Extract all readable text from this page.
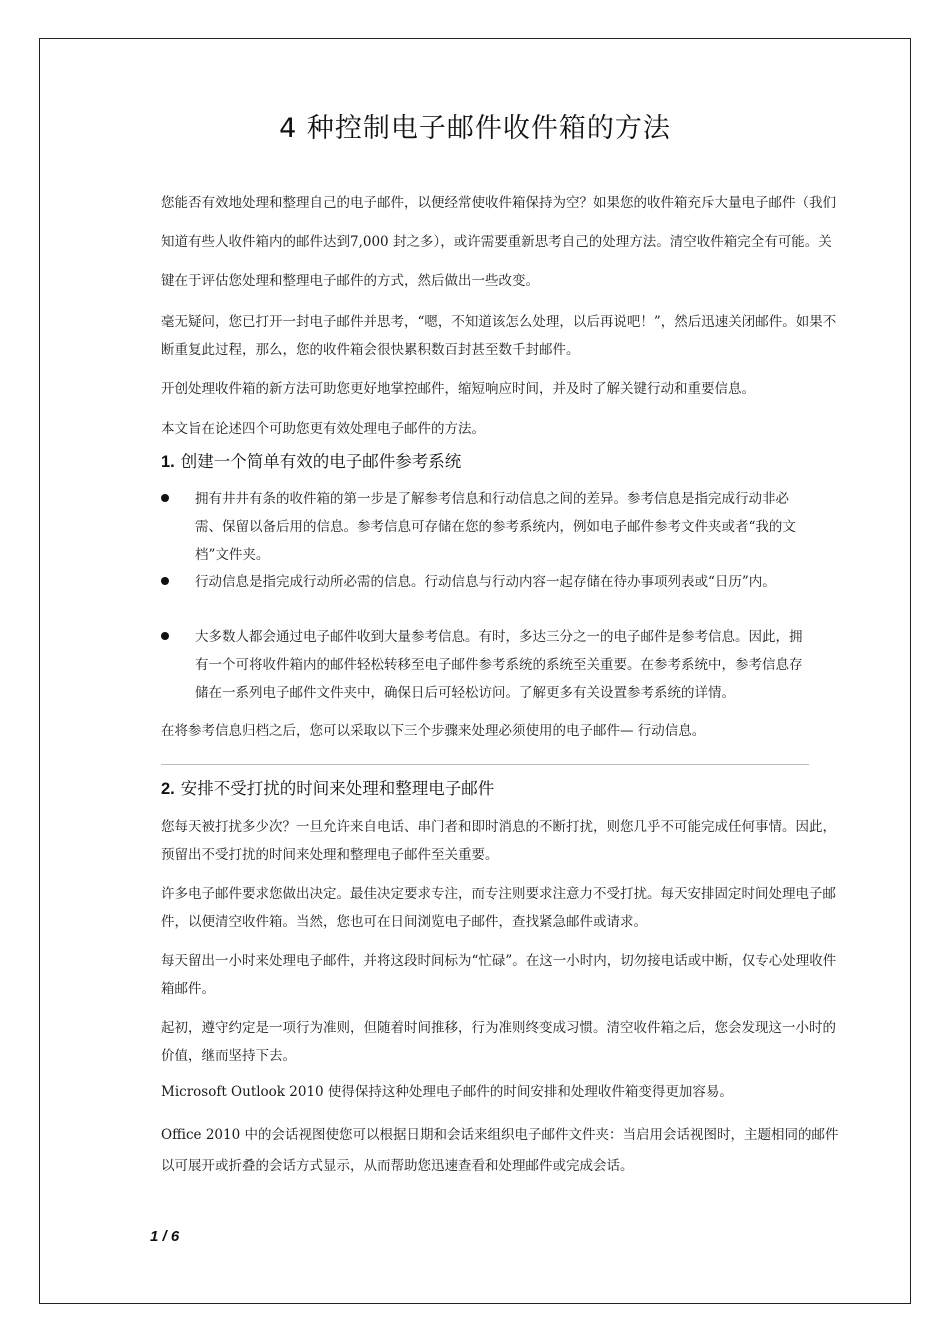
4 种控制电子邮件收件箱的方法

您能否有效地处理和整理自己的电子邮件，以便经常使收件箱保持为空？如果您的收件箱充斥大量电子邮件（我们知道有些人收件箱内的邮件达到7,000 封之多），或许需要重新思考自己的处理方法。清空收件箱完全有可能。关键在于评估您处理和整理电子邮件的方式，然后做出一些改变。

毫无疑问，您已打开一封电子邮件并思考，“嗯，不知道该怎么处理，以后再说吧！”，然后迅速关闭邮件。如果不断重复此过程，那么，您的收件箱会很快累积数百封甚至数千封邮件。

开创处理收件箱的新方法可助您更好地掌控邮件，缩短响应时间，并及时了解关键行动和重要信息。

本文旨在论述四个可助您更有效处理电子邮件的方法。

1. 创建一个简单有效的电子邮件参考系统
拥有井井有条的收件箱的第一步是了解参考信息和行动信息之间的差异。参考信息是指完成行动非必需、保留以备后用的信息。参考信息可存储在您的参考系统内，例如电子邮件参考文件夹或者“我的文档”文件夹。
行动信息是指完成行动所必需的信息。行动信息与行动内容一起存储在待办事项列表或“日历”内。
大多数人都会通过电子邮件收到大量参考信息。有时，多达三分之一的电子邮件是参考信息。因此，拥有一个可将收件箱内的邮件轻松转移至电子邮件参考系统的系统至关重要。在参考系统中，参考信息存储在一系列电子邮件文件夹中，确保日后可轻松访问。了解更多有关设置参考系统的详情。

在将参考信息归档之后，您可以采取以下三个步骤来处理必须使用的电子邮件— 行动信息。

2. 安排不受打扰的时间来处理和整理电子邮件

您每天被打扰多少次？一旦允许来自电话、串门者和即时消息的不断打扰，则您几乎不可能完成任何事情。因此，预留出不受打扰的时间来处理和整理电子邮件至关重要。

许多电子邮件要求您做出决定。最佳决定要求专注，而专注则要求注意力不受打扰。每天安排固定时间处理电子邮件，以便清空收件箱。当然，您也可在日间浏览电子邮件，查找紧急邮件或请求。

每天留出一小时来处理电子邮件，并将这段时间标为“忙碌”。在这一小时内，切勿接电话或中断，仅专心处理收件箱邮件。

起初，遵守约定是一项行为准则，但随着时间推移，行为准则终变成习惯。清空收件箱之后，您会发现这一小时的价值，继而坚持下去。

Microsoft Outlook 2010 使得保持这种处理电子邮件的时间安排和处理收件箱变得更加容易。

Office 2010 中的会话视图使您可以根据日期和会话来组织电子邮件文件夹：当启用会话视图时，主题相同的邮件以可展开或折叠的会话方式显示，从而帮助您迅速查看和处理邮件或完成会话。

1 / 6
